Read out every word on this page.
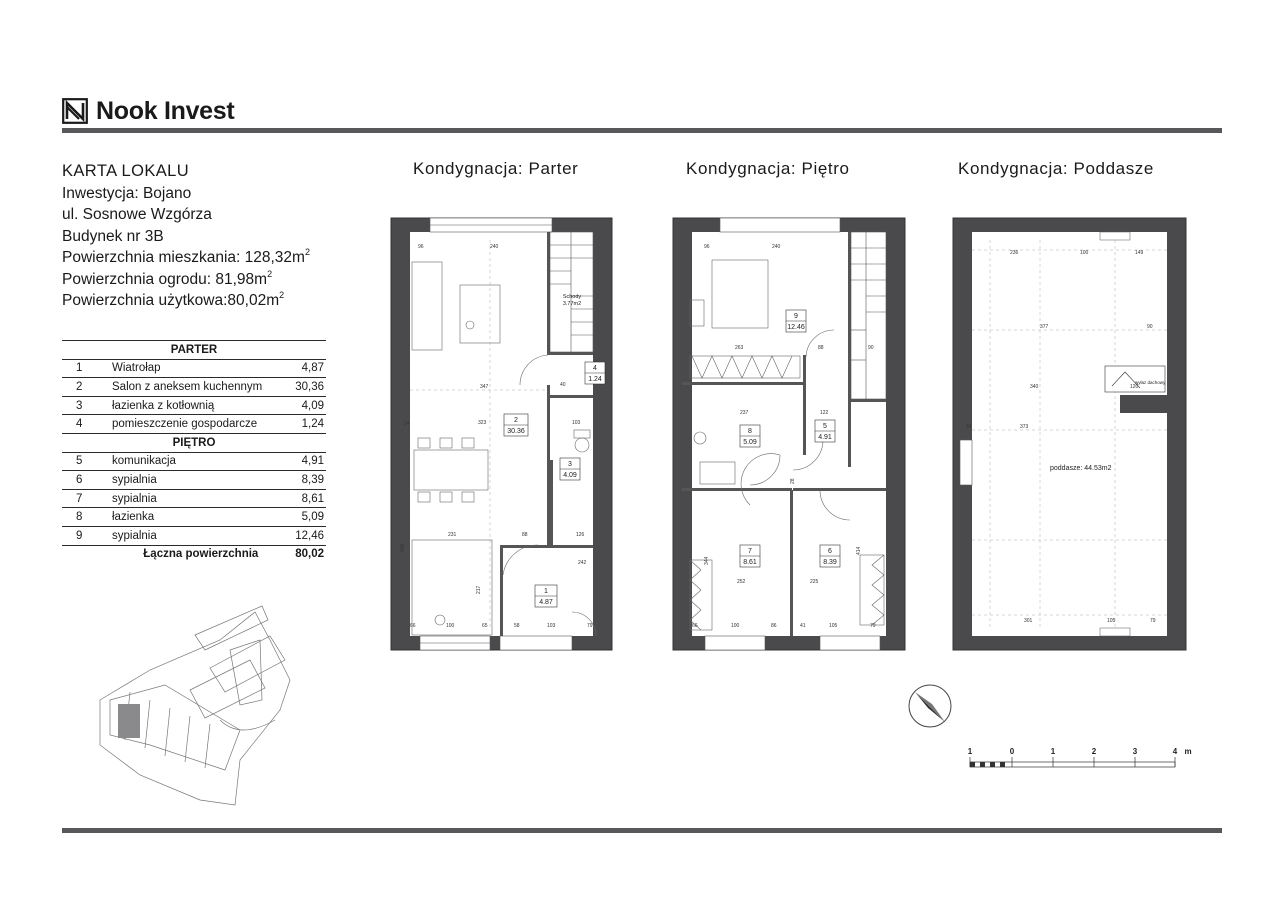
Nook Invest
KARTA LOKALU
Inwestycja: Bojano
ul. Sosnowe Wzgórza
Budynek nr 3B
Powierzchnia mieszkania: $128,32m^2$
Powierzchnia ogrodu: $81,98m^2$
Powierzchnia $użytkowa:80,02m^2$
PARTER		
1	Wiatrołap	4,87
2	Salon z aneksem kuchennym	30,36
3	łazienka z kotłownią	4,09
4	pomieszczenie gospodarcze	1,24
PIĘTRO		
5	komunikacja	4,91
6	sypialnia	8,39
7	sypialnia	8,61
8	łazienka	5,09
9	sypialnia	12,46
	Łączna powierzchnia	80,02
Kondygnacja: Parter	Kondygnacja: Piętro	Kondygnacja: Poddasze
2
30.36
3
4.09
4
1.24
1
4.87
Schody
3.77m2
96	240
347
323
231	88
242
103
126
66	100	65	58	103	79
400
217
24
40
9
12.46
8
5.09
5
4.91
7
8.61
6
8.39
96	240
263	88
237	122
252	225
66	100	86	41	105	79
344
414
90
28
poddasze: 44.53m2
wyłaz dachowy
236	100	149
377	90
340	120
373
301	105	79
24
1	0	1	2	3	4 m
